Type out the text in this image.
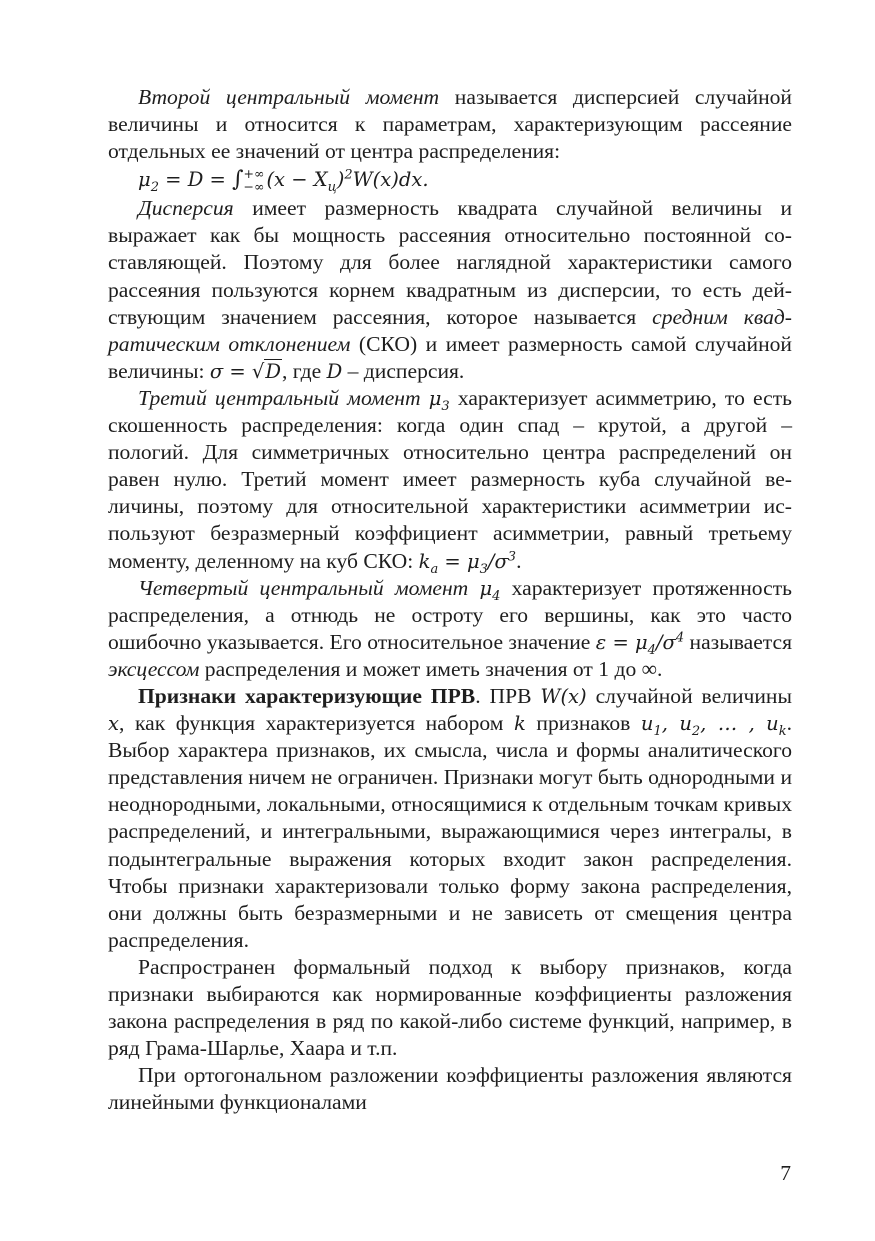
Второй центральный момент называется дисперсией случайной величины и относится к параметрам, характеризующим рассеяние отдельных ее значений от центра распределения:

$\mu_2 = D$ = ∫+∞
−∞ $(x - X_ц)^2W(x)dx$.

Дисперсия имеет размерность квадрата случайной величины и выражает как бы мощность рассеяния относительно постоянной составляющей. Поэтому для более наглядной характеристики самого рассеяния пользуются корнем квадратным из дисперсии, то есть действующим значением рассеяния, которое называется средним квадратическим отклонением (СКО) и имеет размерность самой случайной величины: σ = √D, где D – дисперсия.

Третий центральный момент $\mu_3$ характеризует асимметрию, то есть скошенность распределения: когда один спад – крутой, а другой – пологий. Для симметричных относительно центра распределений он равен нулю. Третий момент имеет размерность куба случайной величины, поэтому для относительной характеристики асимметрии используют безразмерный коэффициент асимметрии, равный третьему моменту, деленному на куб СКО: $k_a = \mu_3/\sigma^3$.

Четвертый центральный момент $\mu_4$ характеризует протяженность распределения, а отнюдь не остроту его вершины, как это часто ошибочно указывается. Его относительное значение $\varepsilon = \mu_4/\sigma^4$ называется эксцессом распределения и может иметь значения от 1 до ∞.

Признаки характеризующие ПРВ. ПРВ W(x) случайной величины x, как функция характеризуется набором k признаков $u_1$, $u_2$, … , $u_k$. Выбор характера признаков, их смысла, числа и формы аналитического представления ничем не ограничен. Признаки могут быть однородными и неоднородными, локальными, относящимися к отдельным точкам кривых распределений, и интегральными, выражающимися через интегралы, в подынтегральные выражения которых входит закон распределения. Чтобы признаки характеризовали только форму закона распределения, они должны быть безразмерными и не зависеть от смещения центра распределения.

Распространен формальный подход к выбору признаков, когда признаки выбираются как нормированные коэффициенты разложения закона распределения в ряд по какой-либо системе функций, например, в ряд Грама-Шарлье, Хаара и т.п.

При ортогональном разложении коэффициенты разложения являются линейными функционалами

7
